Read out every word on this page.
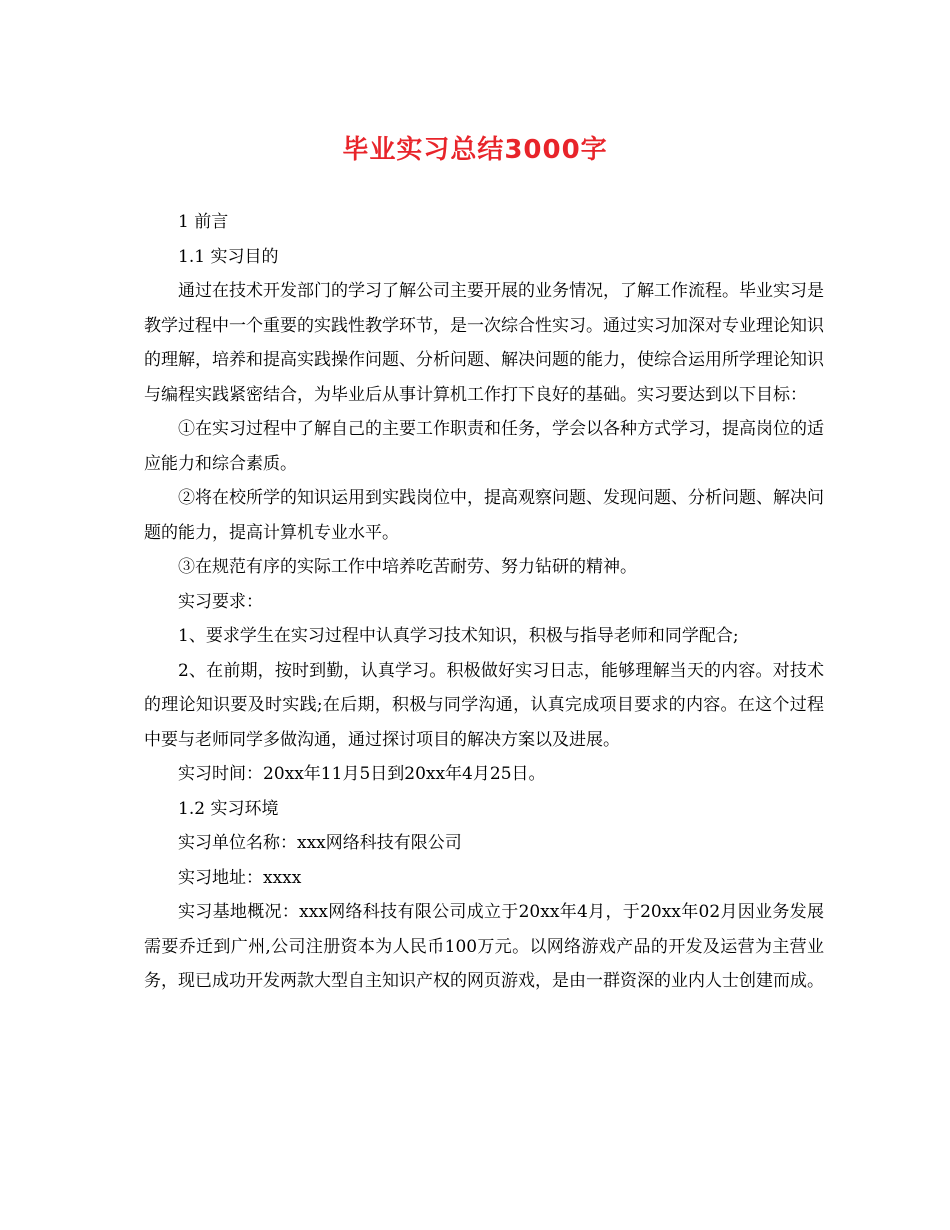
毕业实习总结3000字

1 前言

1.1 实习目的

通过在技术开发部门的学习了解公司主要开展的业务情况，了解工作流程。毕业实习是教学过程中一个重要的实践性教学环节，是一次综合性实习。通过实习加深对专业理论知识的理解，培养和提高实践操作问题、分析问题、解决问题的能力，使综合运用所学理论知识与编程实践紧密结合，为毕业后从事计算机工作打下良好的基础。实习要达到以下目标：

①在实习过程中了解自己的主要工作职责和任务，学会以各种方式学习，提高岗位的适应能力和综合素质。

②将在校所学的知识运用到实践岗位中，提高观察问题、发现问题、分析问题、解决问题的能力，提高计算机专业水平。

③在规范有序的实际工作中培养吃苦耐劳、努力钻研的精神。

实习要求：

1、要求学生在实习过程中认真学习技术知识，积极与指导老师和同学配合;

2、在前期，按时到勤，认真学习。积极做好实习日志，能够理解当天的内容。对技术的理论知识要及时实践;在后期，积极与同学沟通，认真完成项目要求的内容。在这个过程中要与老师同学多做沟通，通过探讨项目的解决方案以及进展。

实习时间：20xx年11月5日到20xx年4月25日。

1.2 实习环境

实习单位名称：xxx网络科技有限公司

实习地址：xxxx

实习基地概况：xxx网络科技有限公司成立于20xx年4月，于20xx年02月因业务发展需要乔迁到广州,公司注册资本为人民币100万元。以网络游戏产品的开发及运营为主营业务，现已成功开发两款大型自主知识产权的网页游戏，是由一群资深的业内人士创建而成。
